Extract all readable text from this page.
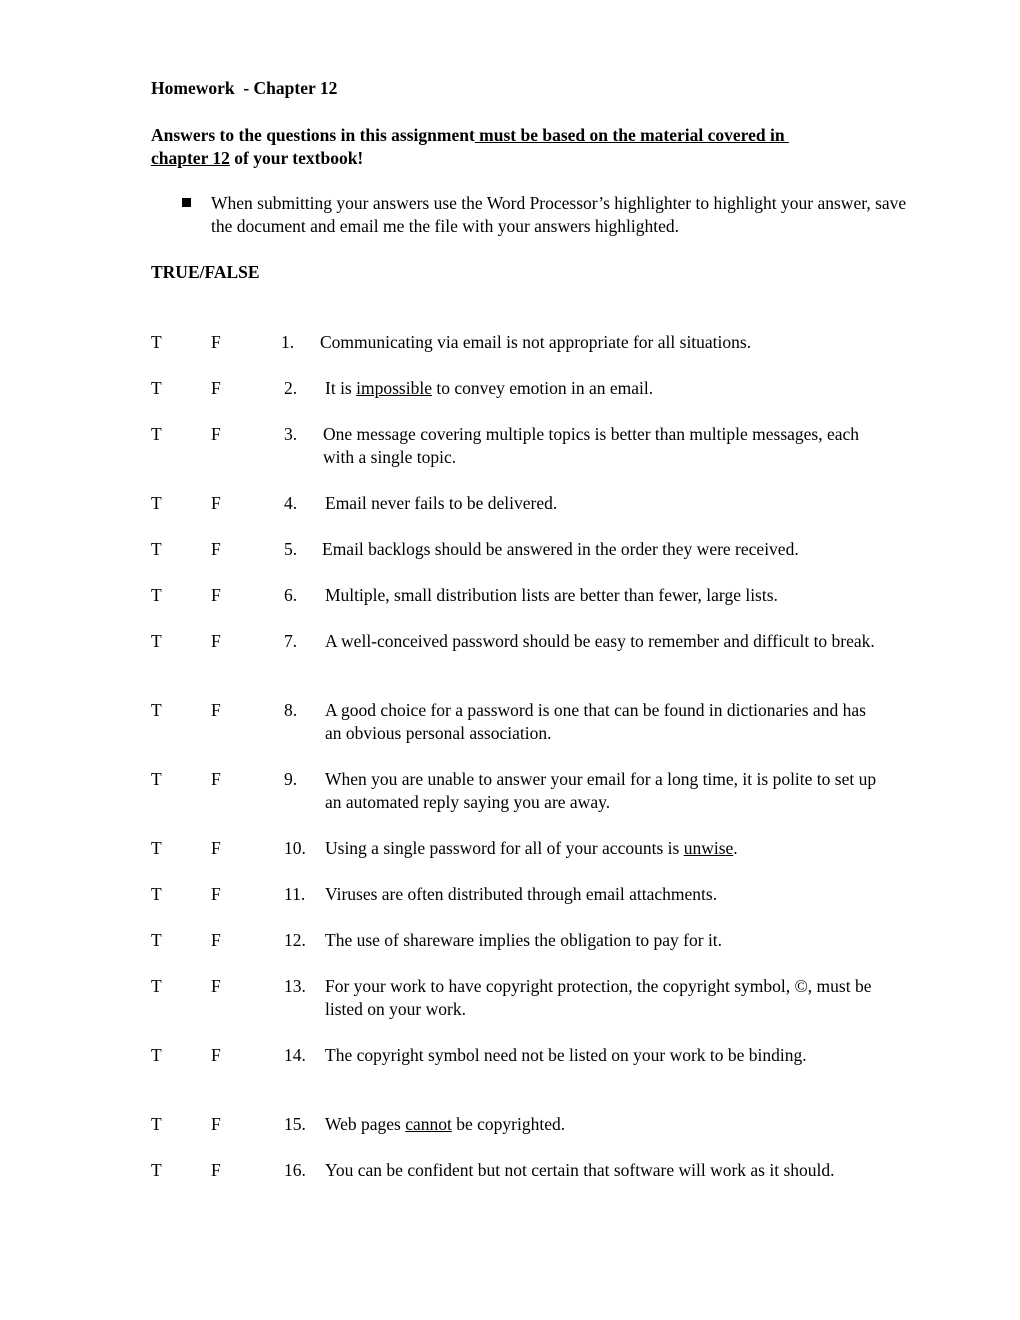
Homework  - Chapter 12
Answers to the questions in this assignment must be based on the material covered in
chapter 12 of your textbook!
When submitting your answers use the Word Processor’s highlighter to highlight your answer, save the document and email me the file with your answers highlighted.
TRUE/FALSE
T	F	1. Communicating via email is not appropriate for all situations.
T	F	2. It is impossible to convey emotion in an email.
T	F	3. One message covering multiple topics is better than multiple messages, each with a single topic.
T	F	4. Email never fails to be delivered.
T	F	5. Email backlogs should be answered in the order they were received.
T	F	6. Multiple, small distribution lists are better than fewer, large lists.
T	F	7. A well-conceived password should be easy to remember and difficult to break.
T	F	8. A good choice for a password is one that can be found in dictionaries and has an obvious personal association.
T	F	9. When you are unable to answer your email for a long time, it is polite to set up an automated reply saying you are away.
T	F	10. Using a single password for all of your accounts is unwise.
T	F	11. Viruses are often distributed through email attachments.
T	F	12. The use of shareware implies the obligation to pay for it.
T	F	13. For your work to have copyright protection, the copyright symbol, ©, must be listed on your work.
T	F	14. The copyright symbol need not be listed on your work to be binding.
T	F	15. Web pages cannot be copyrighted.
T	F	16. You can be confident but not certain that software will work as it should.
